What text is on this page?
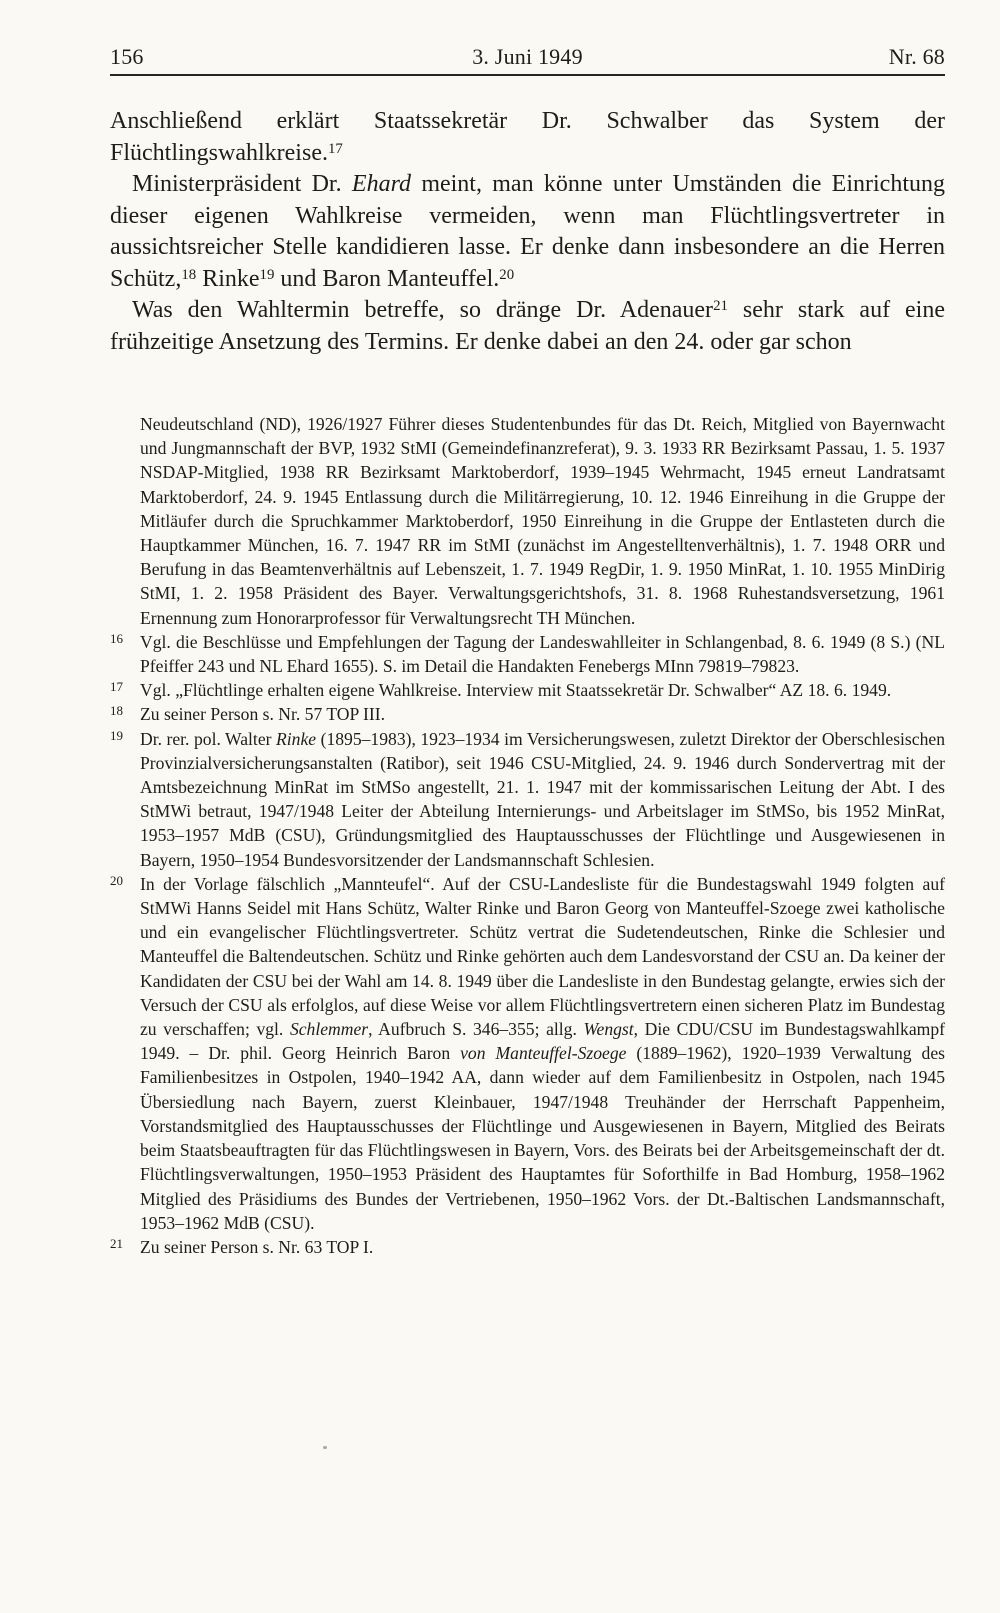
156	3. Juni 1949	Nr. 68

Anschließend erklärt Staatssekretär Dr. Schwalber das System der Flüchtlingswahlkreise.$^{17}$

Ministerpräsident Dr. Ehard meint, man könne unter Umständen die Einrichtung dieser eigenen Wahlkreise vermeiden, wenn man Flüchtlingsvertreter in aussichtsreicher Stelle kandidieren lasse. Er denke dann insbesondere an die Herren Schütz,$^{18}$ Rinke$^{19}$ und Baron Manteuffel.$^{20}$

Was den Wahltermin betreffe, so dränge Dr. Adenauer$^{21}$ sehr stark auf eine frühzeitige Ansetzung des Termins. Er denke dabei an den 24. oder gar schon

Neudeutschland (ND), 1926/1927 Führer dieses Studentenbundes für das Dt. Reich, Mitglied von Bayernwacht und Jungmannschaft der BVP, 1932 StMI (Gemeindefinanzreferat), 9. 3. 1933 RR Bezirksamt Passau, 1. 5. 1937 NSDAP-Mitglied, 1938 RR Bezirksamt Marktoberdorf, 1939–1945 Wehrmacht, 1945 erneut Landratsamt Marktoberdorf, 24. 9. 1945 Entlassung durch die Militärregierung, 10. 12. 1946 Einreihung in die Gruppe der Mitläufer durch die Spruchkammer Marktoberdorf, 1950 Einreihung in die Gruppe der Entlasteten durch die Hauptkammer München, 16. 7. 1947 RR im StMI (zunächst im Angestelltenverhältnis), 1. 7. 1948 ORR und Berufung in das Beamtenverhältnis auf Lebenszeit, 1. 7. 1949 RegDir, 1. 9. 1950 MinRat, 1. 10. 1955 MinDirig StMI, 1. 2. 1958 Präsident des Bayer. Verwaltungsgerichtshofs, 31. 8. 1968 Ruhestandsversetzung, 1961 Ernennung zum Honorarprofessor für Verwaltungsrecht TH München.

16 Vgl. die Beschlüsse und Empfehlungen der Tagung der Landeswahlleiter in Schlangenbad, 8. 6. 1949 (8 S.) (NL Pfeiffer 243 und NL Ehard 1655). S. im Detail die Handakten Fenebergs MInn 79819–79823.

17 Vgl. „Flüchtlinge erhalten eigene Wahlkreise. Interview mit Staatssekretär Dr. Schwalber“ AZ 18. 6. 1949.

18 Zu seiner Person s. Nr. 57 TOP III.

19 Dr. rer. pol. Walter Rinke (1895–1983), 1923–1934 im Versicherungswesen, zuletzt Direktor der Oberschlesischen Provinzialversicherungsanstalten (Ratibor), seit 1946 CSU-Mitglied, 24. 9. 1946 durch Sondervertrag mit der Amtsbezeichnung MinRat im StMSo angestellt, 21. 1. 1947 mit der kommissarischen Leitung der Abt. I des StMWi betraut, 1947/1948 Leiter der Abteilung Internierungs- und Arbeitslager im StMSo, bis 1952 MinRat, 1953–1957 MdB (CSU), Gründungsmitglied des Hauptausschusses der Flüchtlinge und Ausgewiesenen in Bayern, 1950–1954 Bundesvorsitzender der Landsmannschaft Schlesien.

20 In der Vorlage fälschlich „Mannteufel“. Auf der CSU-Landesliste für die Bundestagswahl 1949 folgten auf StMWi Hanns Seidel mit Hans Schütz, Walter Rinke und Baron Georg von Manteuffel-Szoege zwei katholische und ein evangelischer Flüchtlingsvertreter. Schütz vertrat die Sudetendeutschen, Rinke die Schlesier und Manteuffel die Baltendeutschen. Schütz und Rinke gehörten auch dem Landesvorstand der CSU an. Da keiner der Kandidaten der CSU bei der Wahl am 14. 8. 1949 über die Landesliste in den Bundestag gelangte, erwies sich der Versuch der CSU als erfolglos, auf diese Weise vor allem Flüchtlingsvertretern einen sicheren Platz im Bundestag zu verschaffen; vgl. Schlemmer, Aufbruch S. 346–355; allg. Wengst, Die CDU/CSU im Bundestagswahlkampf 1949. – Dr. phil. Georg Heinrich Baron von Manteuffel-Szoege (1889–1962), 1920–1939 Verwaltung des Familienbesitzes in Ostpolen, 1940–1942 AA, dann wieder auf dem Familienbesitz in Ostpolen, nach 1945 Übersiedlung nach Bayern, zuerst Kleinbauer, 1947/1948 Treuhänder der Herrschaft Pappenheim, Vorstandsmitglied des Hauptausschusses der Flüchtlinge und Ausgewiesenen in Bayern, Mitglied des Beirats beim Staatsbeauftragten für das Flüchtlingswesen in Bayern, Vors. des Beirats bei der Arbeitsgemeinschaft der dt. Flüchtlingsverwaltungen, 1950–1953 Präsident des Hauptamtes für Soforthilfe in Bad Homburg, 1958–1962 Mitglied des Präsidiums des Bundes der Vertriebenen, 1950–1962 Vors. der Dt.-Baltischen Landsmannschaft, 1953–1962 MdB (CSU).

21 Zu seiner Person s. Nr. 63 TOP I.
